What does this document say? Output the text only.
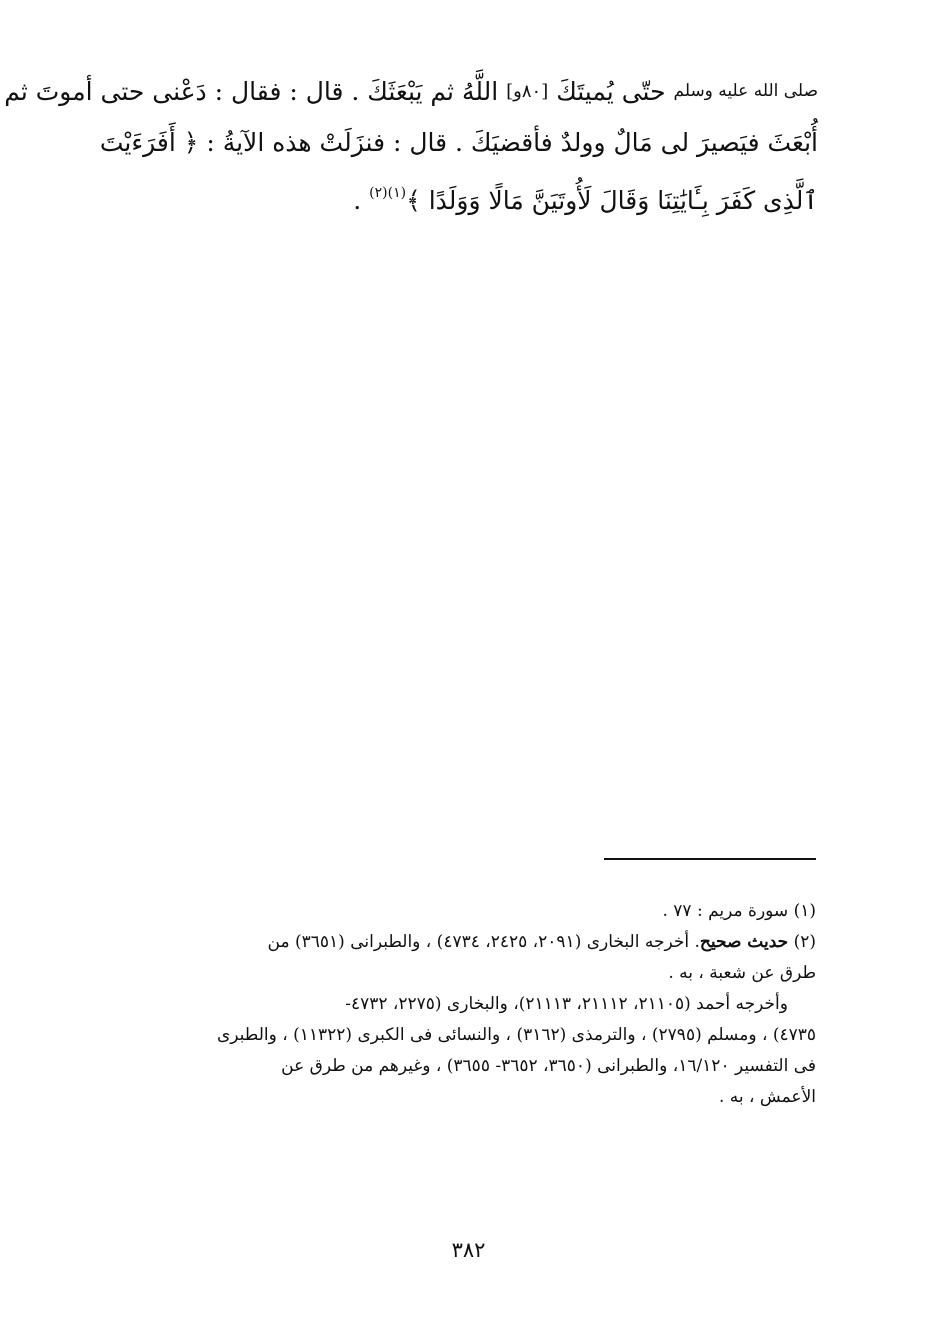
صلى الله عليه وسلم حتّى يُميتَكَ [٨٠و] اللَّهُ ثم يَبْعَثَكَ . قال : فقال : دَعْنى حتى أموتَ ثم
أُبْعَثَ فيَصيرَ لى مَالٌ وولدٌ فأقضيَكَ . قال : فنزَلَتْ هذه الآيةُ : ﴿ أَفَرَءَيْتَ
ٱلَّذِى كَفَرَ بِـَٔايَٰتِنَا وَقَالَ لَأُوتَيَنَّ مَالًا وَوَلَدًا ﴾$^{(١)(٢)}$ .
(١) سورة مريم : ٧٧ .
(٢) حديث صحيح. أخرجه البخارى (٢٠٩١، ٢٤٢٥، ٤٧٣٤) ، والطبرانى (٣٦٥١) من
طرق عن شعبة ، به .
وأخرجه أحمد (٢١١٠٥، ٢١١١٢، ٢١١١٣)، والبخارى (٢٢٧٥، ٤٧٣٢-
٤٧٣٥) ، ومسلم (٢٧٩٥) ، والترمذى (٣١٦٢) ، والنسائى فى الكبرى (١١٣٢٢) ، والطبرى
فى التفسير ١٦/١٢٠، والطبرانى (٣٦٥٠، ٣٦٥٢- ٣٦٥٥) ، وغيرهم من طرق عن
الأعمش ، به .
٣٨٢
